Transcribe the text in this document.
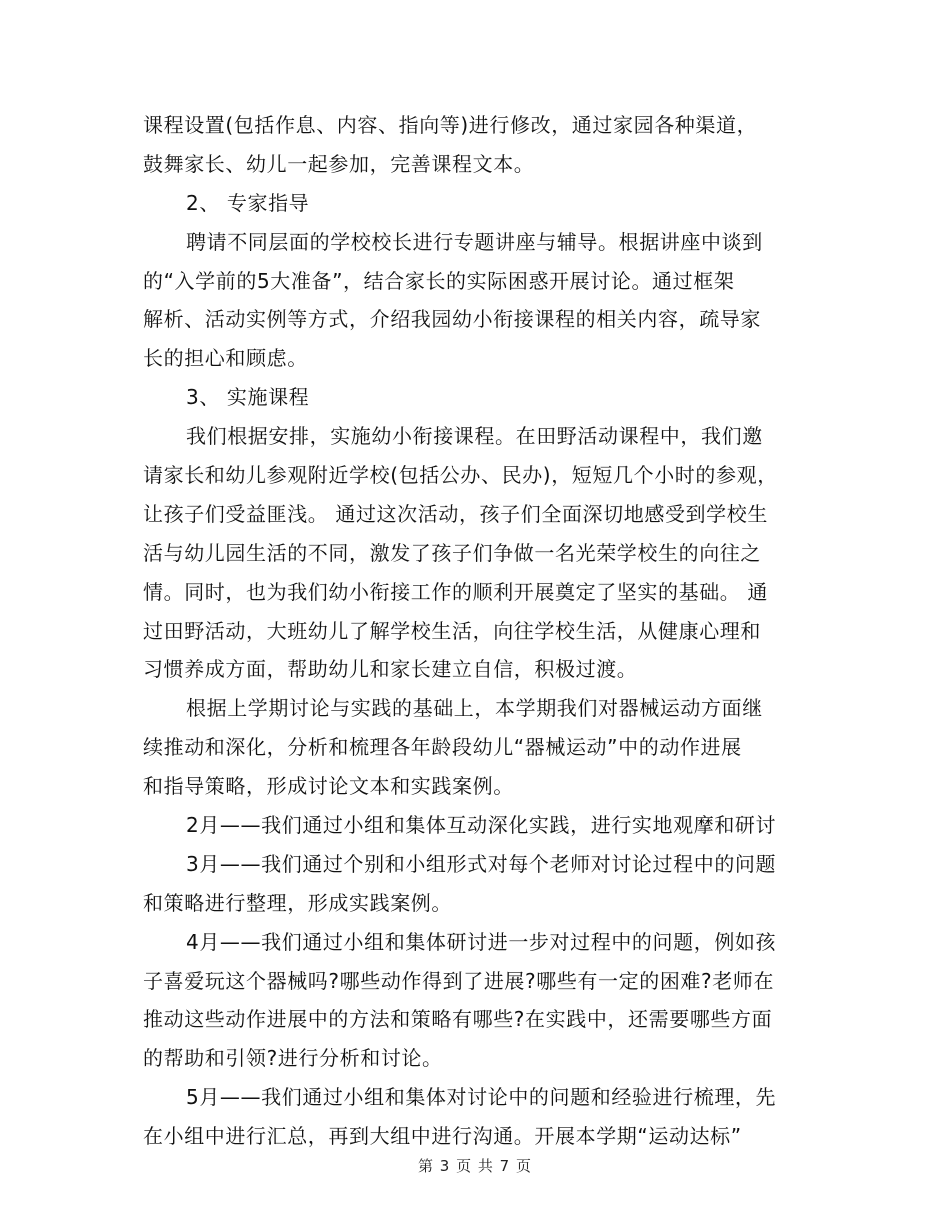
课程设置(包括作息、内容、指向等)进行修改，通过家园各种渠道，
鼓舞家长、幼儿一起参加，完善课程文本。
2、 专家指导
聘请不同层面的学校校长进行专题讲座与辅导。根据讲座中谈到
的“入学前的5大准备”，结合家长的实际困惑开展讨论。通过框架
解析、活动实例等方式，介绍我园幼小衔接课程的相关内容，疏导家
长的担心和顾虑。
3、 实施课程
我们根据安排，实施幼小衔接课程。在田野活动课程中，我们邀
请家长和幼儿参观附近学校(包括公办、民办)，短短几个小时的参观，
让孩子们受益匪浅。 通过这次活动，孩子们全面深切地感受到学校生
活与幼儿园生活的不同，激发了孩子们争做一名光荣学校生的向往之
情。同时，也为我们幼小衔接工作的顺利开展奠定了坚实的基础。 通
过田野活动，大班幼儿了解学校生活，向往学校生活，从健康心理和
习惯养成方面，帮助幼儿和家长建立自信，积极过渡。
根据上学期讨论与实践的基础上，本学期我们对器械运动方面继
续推动和深化，分析和梳理各年龄段幼儿“器械运动”中的动作进展
和指导策略，形成讨论文本和实践案例。
2月——我们通过小组和集体互动深化实践，进行实地观摩和研讨
3月——我们通过个别和小组形式对每个老师对讨论过程中的问题
和策略进行整理，形成实践案例。
4月——我们通过小组和集体研讨进一步对过程中的问题，例如孩
子喜爱玩这个器械吗?哪些动作得到了进展?哪些有一定的困难?老师在
推动这些动作进展中的方法和策略有哪些?在实践中，还需要哪些方面
的帮助和引领?进行分析和讨论。
5月——我们通过小组和集体对讨论中的问题和经验进行梳理，先
在小组中进行汇总，再到大组中进行沟通。开展本学期“运动达标”
第 3 页 共 7 页
